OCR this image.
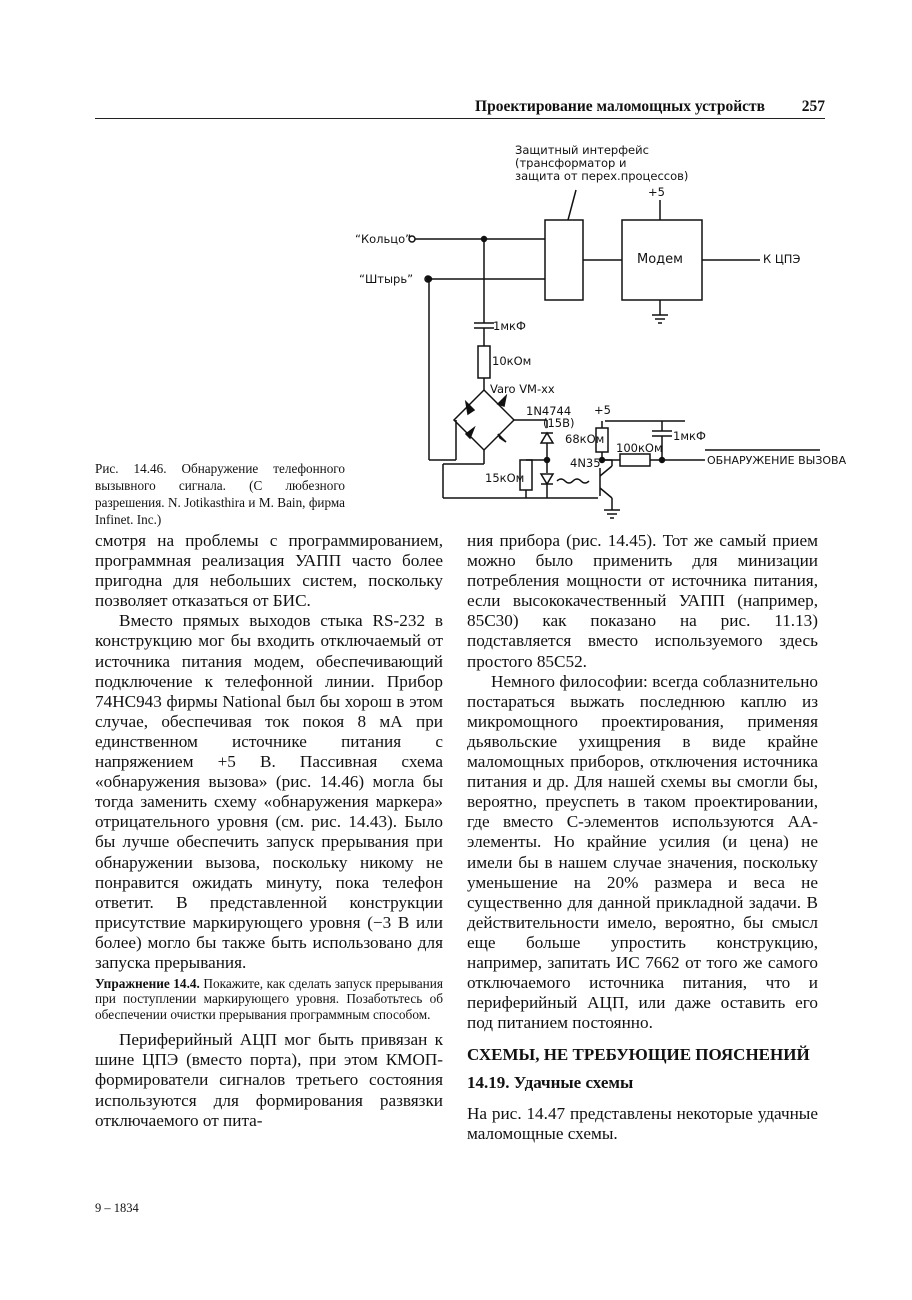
Проектирование маломощных устройств 257
Защитный интерфейс
(трансформатор и
защита от перех.процессов)
+5
“Кольцо”
“Штырь”
Модем	К ЦПЭ
1мкФ
10кОм
Varo VM-xx
1N4744
(15В)
+5
68кОм
100кОм
1мкФ
4N35
15кОм
ОБНАРУЖЕНИЕ ВЫЗОВА
Рис. 14.46. Обнаружение телефонного вызывного сигнала. (С любезного разрешения. N. Jotikasthira и M. Bain, фирма Infinet. Inc.)

смотря на проблемы с программированием, программная реализация УАПП часто более пригодна для небольших систем, поскольку позволяет отказаться от БИС.

Вместо прямых выходов стыка RS-232 в конструкцию мог бы входить отключаемый от источника питания модем, обеспечивающий подключение к телефонной линии. Прибор 74HC943 фирмы National был бы хорош в этом случае, обеспечивая ток покоя 8 мА при единственном источнике питания с напряжением +5 В. Пассивная схема «обнаружения вызова» (рис. 14.46) могла бы тогда заменить схему «обнаружения маркера» отрицательного уровня (см. рис. 14.43). Было бы лучше обеспечить запуск прерывания при обнаружении вызова, поскольку никому не понравится ожидать минуту, пока телефон ответит. В представленной конструкции присутствие маркирующего уровня (−3 В или более) могло бы также быть использовано для запуска прерывания.

Упражнение 14.4. Покажите, как сделать запуск прерывания при поступлении маркирующего уровня. Позаботьтесь об обеспечении очистки прерывания программным способом.

Периферийный АЦП мог быть привязан к шине ЦПЭ (вместо порта), при этом КМОП-формирователи сигналов третьего состояния используются для формирования развязки отключаемого от пита-

ния прибора (рис. 14.45). Тот же самый прием можно было применить для минизации потребления мощности от источника питания, если высококачественный УАПП (например, 85С30) как показано на рис. 11.13) подставляется вместо используемого здесь простого 85С52.

Немного философии: всегда соблазнительно постараться выжать последнюю каплю из микромощного проектирования, применяя дьявольские ухищрения в виде крайне маломощных приборов, отключения источника питания и др. Для нашей схемы вы смогли бы, вероятно, преуспеть в таком проектировании, где вместо С-элементов используются АА-элементы. Но крайние усилия (и цена) не имели бы в нашем случае значения, поскольку уменьшение на 20% размера и веса не существенно для данной прикладной задачи. В действительности имело, вероятно, бы смысл еще больше упростить конструкцию, например, запитать ИС 7662 от того же самого отключаемого источника питания, что и периферийный АЦП, или даже оставить его под питанием постоянно.

СХЕМЫ, НЕ ТРЕБУЮЩИЕ ПОЯСНЕНИЙ

14.19. Удачные схемы

На рис. 14.47 представлены некоторые удачные маломощные схемы.

9 – 1834
